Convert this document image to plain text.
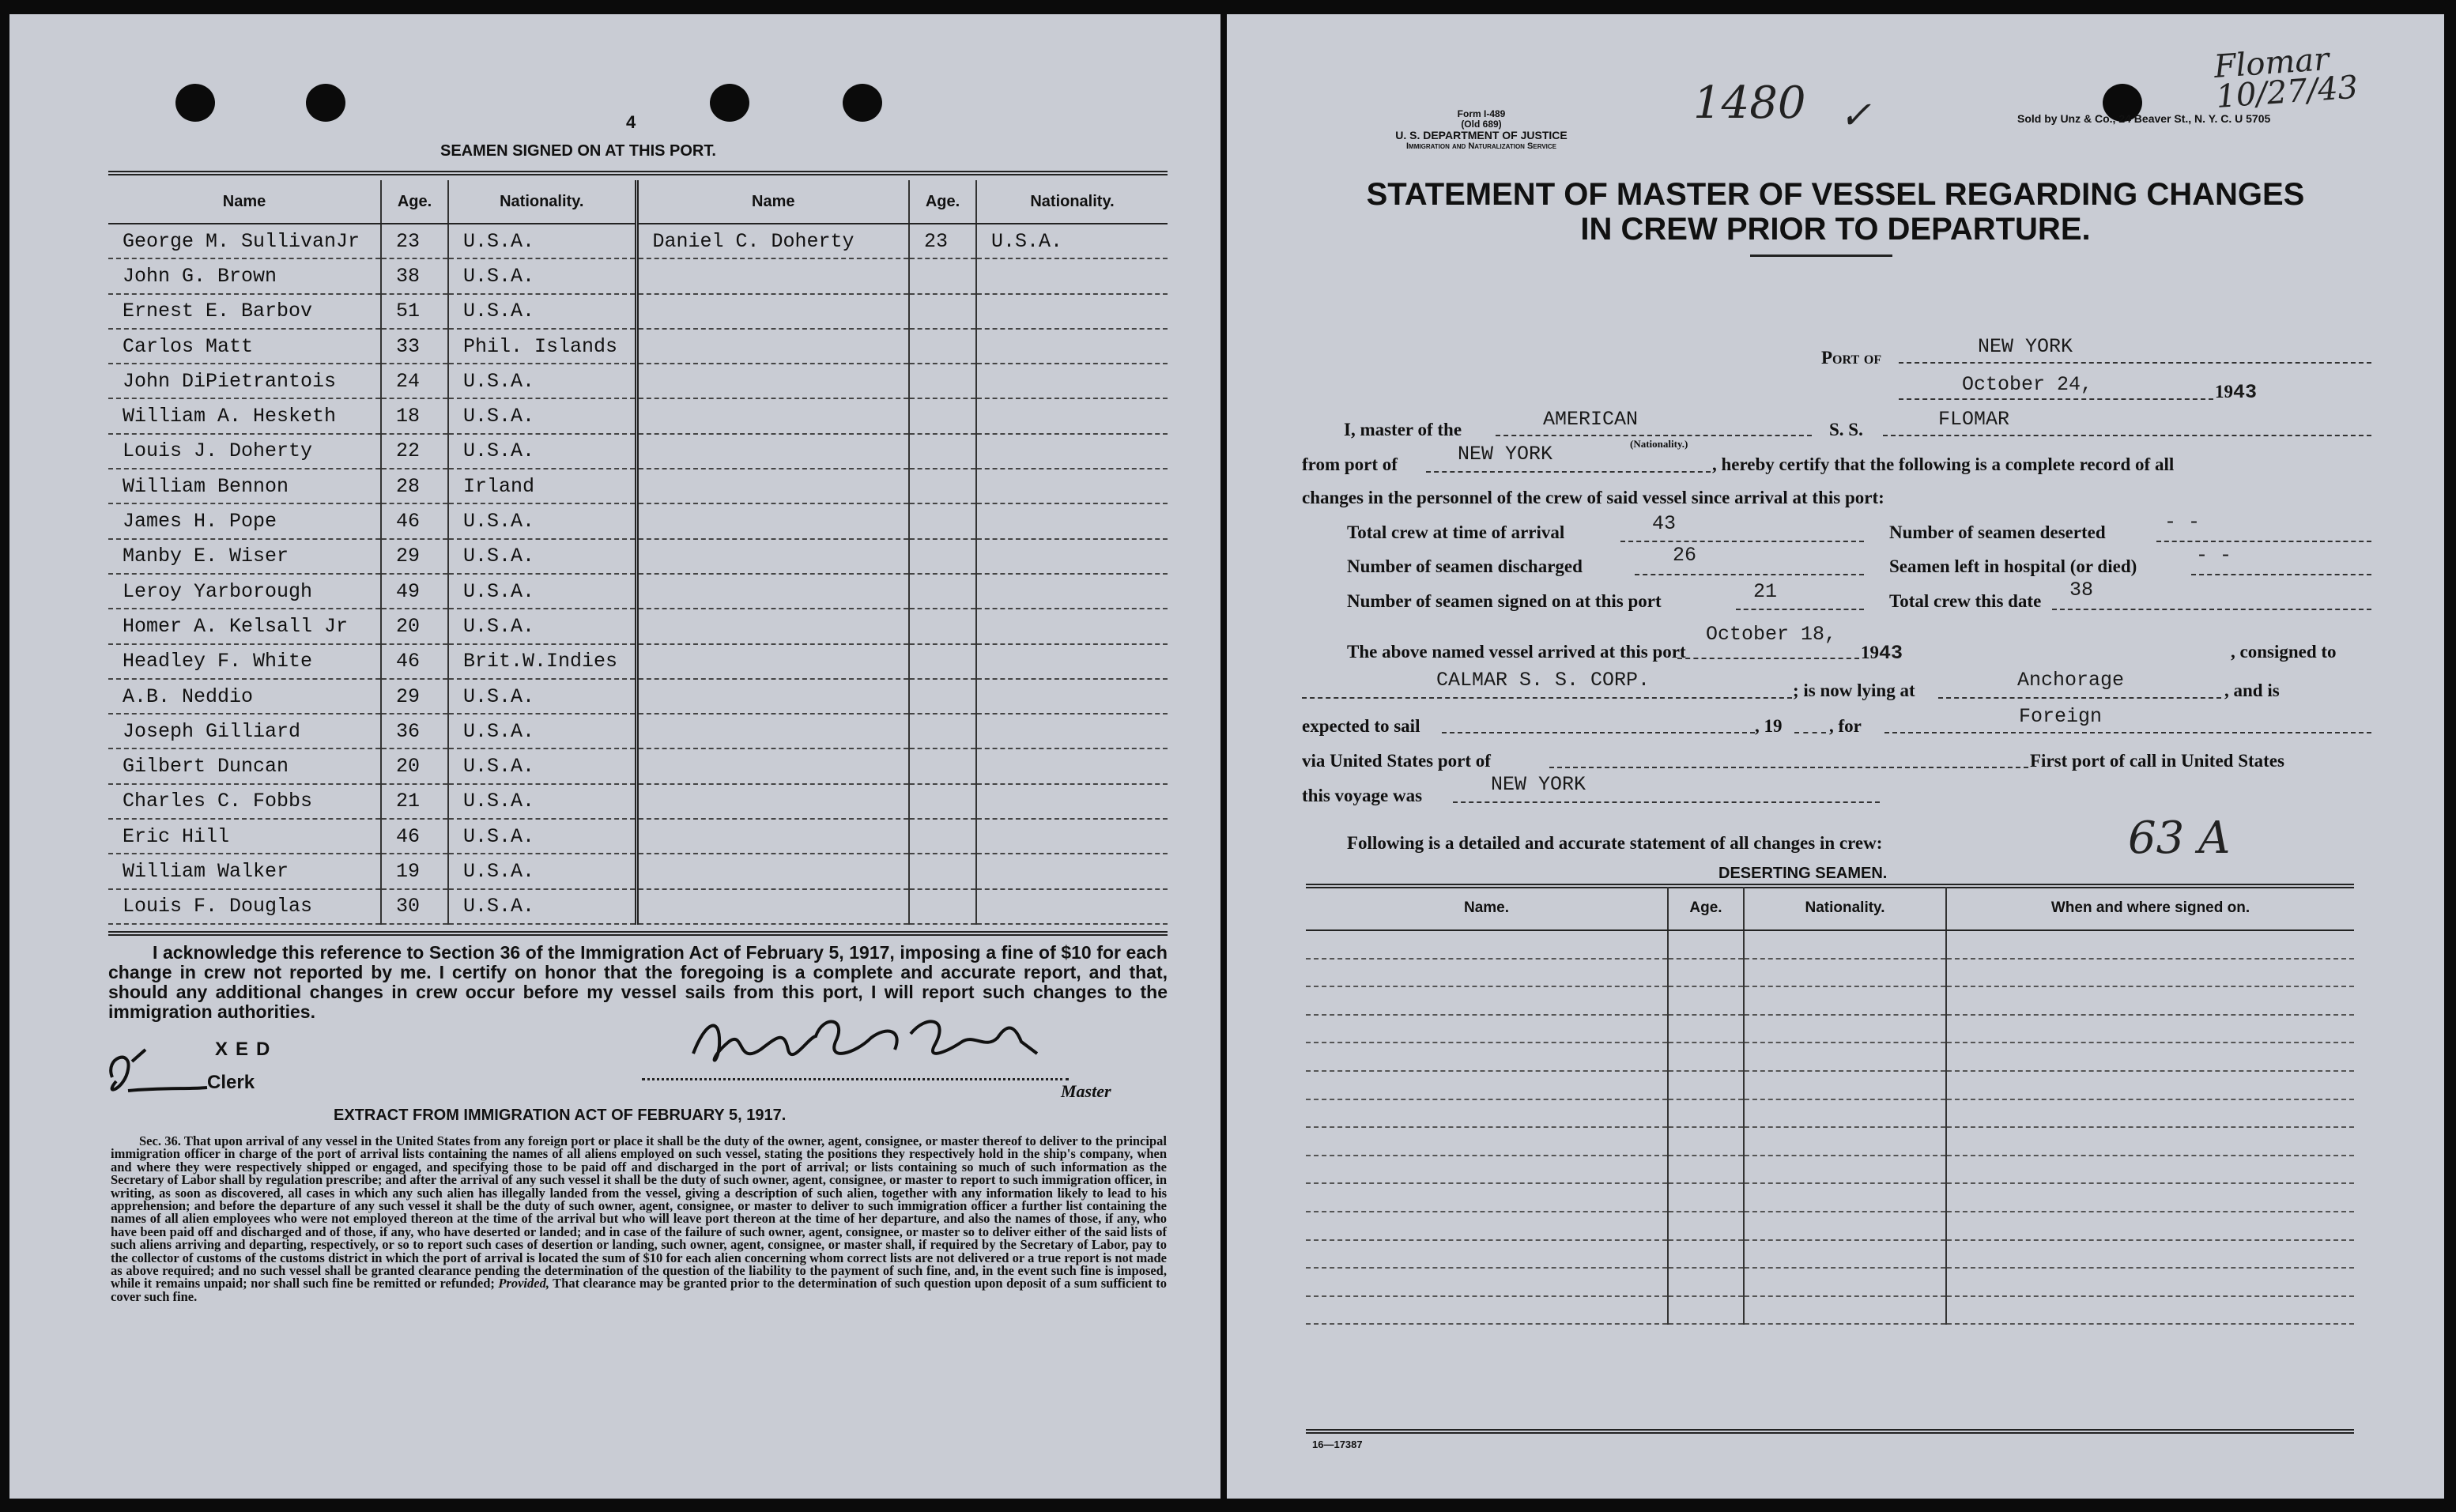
4
SEAMEN SIGNED ON AT THIS PORT.
Name	Age.	Nationality.	Name	Age.	Nationality.
George M. SullivanJr	23	U.S.A.	Daniel C. Doherty	23	U.S.A.
John G. Brown	38	U.S.A.			
Ernest E. Barbov	51	U.S.A.			
Carlos Matt	33	Phil. Islands			
John DiPietrantois	24	U.S.A.			
William A. Hesketh	18	U.S.A.			
Louis J. Doherty	22	U.S.A.			
William Bennon	28	Irland			
James H. Pope	46	U.S.A.			
Manby E. Wiser	29	U.S.A.			
Leroy Yarborough	49	U.S.A.			
Homer A. Kelsall Jr	20	U.S.A.			
Headley F. White	46	Brit.W.Indies			
A.B. Neddio	29	U.S.A.			
Joseph Gilliard	36	U.S.A.			
Gilbert Duncan	20	U.S.A.			
Charles C. Fobbs	21	U.S.A.			
Eric Hill	46	U.S.A.			
William Walker	19	U.S.A.			
Louis F. Douglas	30	U.S.A.			
I acknowledge this reference to Section 36 of the Immigration Act of February 5, 1917, imposing a fine of $10 for each change in crew not reported by me. I certify on honor that the foregoing is a complete and accurate report, and that, should any additional changes in crew occur before my vessel sails from this port, I will report such changes to the immigration authorities.
XED
Clerk	Master
EXTRACT FROM IMMIGRATION ACT OF FEBRUARY 5, 1917.
Sec. 36. That upon arrival of any vessel in the United States from any foreign port or place it shall be the duty of the owner, agent, consignee, or master thereof to deliver to the principal immigration officer in charge of the port of arrival lists containing the names of all aliens employed on such vessel, stating the positions they respectively hold in the ship's company, when and where they were respectively shipped or engaged, and specifying those to be paid off and discharged in the port of arrival; or lists containing so much of such information as the Secretary of Labor shall by regulation prescribe; and after the arrival of any such vessel it shall be the duty of such owner, agent, consignee, or master to report to such immigration officer, in writing, as soon as discovered, all cases in which any such alien has illegally landed from the vessel, giving a description of such alien, together with any information likely to lead to his apprehension; and before the departure of any such vessel it shall be the duty of such owner, agent, consignee, or master to deliver to such immigration officer a further list containing the names of all alien employees who were not employed thereon at the time of the arrival but who will leave port thereon at the time of her departure, and also the names of those, if any, who have been paid off and discharged and of those, if any, who have deserted or landed; and in case of the failure of such owner, agent, consignee, or master so to deliver either of the said lists of such aliens arriving and departing, respectively, or so to report such cases of desertion or landing, such owner, agent, consignee, or master shall, if required by the Secretary of Labor, pay to the collector of customs of the customs district in which the port of arrival is located the sum of $10 for each alien concerning whom correct lists are not delivered or a true report is not made as above required; and no such vessel shall be granted clearance pending the determination of the question of the liability to the payment of such fine, and, in the event such fine is imposed, while it remains unpaid; nor shall such fine be remitted or refunded; Provided, That clearance may be granted prior to the determination of such question upon deposit of a sum sufficient to cover such fine.
Form I-489
(Old 689)
U. S. DEPARTMENT OF JUSTICE
Immigration and Naturalization Service
1480 ✓
Flomar 10/27/43
Sold by Unz & Co., 24 Beaver St., N. Y. C. U 5705
STATEMENT OF MASTER OF VESSEL REGARDING CHANGES
IN CREW PRIOR TO DEPARTURE.
Port of	NEW YORK
October 24,	1943
I, master of the	AMERICAN
(Nationality.)
S. S.	FLOMAR
from port of	NEW YORK	, hereby certify that the following is a complete record of all
changes in the personnel of the crew of said vessel since arrival at this port:
Total crew at time of arrival	43
Number of seamen discharged	26
Number of seamen signed on at this port	21
Number of seamen deserted	- -
Seamen left in hospital (or died)	- -
Total crew this date 38
The above named vessel arrived at this port
October 18,
1943	, consigned to
CALMAR S. S. CORP.	; is now lying at	Anchorage	, and is
expected to sail	, 19	, for	Foreign
via United States port of	First port of call in United States
this voyage was	NEW YORK
Following is a detailed and accurate statement of all changes in crew:	63 A
DESERTING SEAMEN.
Name.	Age.	Nationality.	When and where signed on.

16—17387
